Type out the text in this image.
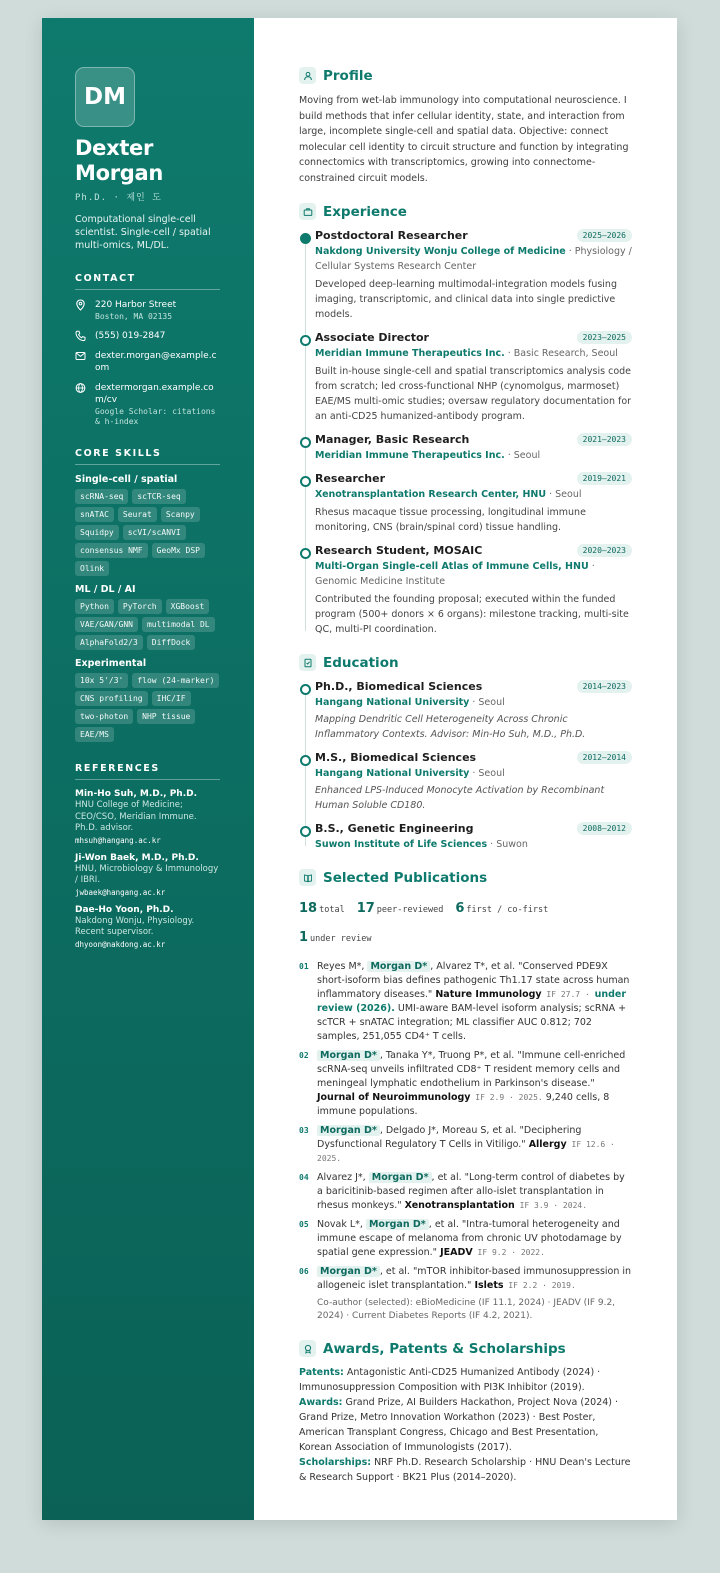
DM
Dexter
Morgan
Ph.D. · 제인 도
Computational single-cell scientist. Single-cell / spatial multi-omics, ML/DL.
CONTACT
220 Harbor Street
Boston, MA 02135
(555) 019-2847
dexter.morgan@example.com
dextermorgan.example.com/cv
Google Scholar: citations & h-index
CORE SKILLS
Single-cell / spatial
scRNA-seq	scTCR-seq
snATAC	Seurat	Scanpy
Squidpy	scVI/scANVI
consensus NMF	GeoMx DSP
Olink
ML / DL / AI
Python	PyTorch	XGBoost
VAE/GAN/GNN	multimodal DL
AlphaFold2/3	DiffDock
Experimental
10x 5'/3'	flow (24-marker)
CNS profiling	IHC/IF
two-photon	NHP tissue
EAE/MS
REFERENCES
Min-Ho Suh, M.D., Ph.D.
HNU College of Medicine; CEO/CSO, Meridian Immune. Ph.D. advisor.
mhsuh@hangang.ac.kr
Ji-Won Baek, M.D., Ph.D.
HNU, Microbiology & Immunology / IBRI.
jwbaek@hangang.ac.kr
Dae-Ho Yoon, Ph.D.
Nakdong Wonju, Physiology. Recent supervisor.
dhyoon@nakdong.ac.kr
Profile
Moving from wet-lab immunology into computational neuroscience. I build methods that infer cellular identity, state, and interaction from large, incomplete single-cell and spatial data. Objective: connect molecular cell identity to circuit structure and function by integrating connectomics with transcriptomics, growing into connectome-constrained circuit models.
Experience
Postdoctoral Researcher	2025–2026
Nakdong University Wonju College of Medicine · Physiology / Cellular Systems Research Center
Developed deep-learning multimodal-integration models fusing imaging, transcriptomic, and clinical data into single predictive models.
Associate Director	2023–2025
Meridian Immune Therapeutics Inc. · Basic Research, Seoul
Built in-house single-cell and spatial transcriptomics analysis code from scratch; led cross-functional NHP (cynomolgus, marmoset) EAE/MS multi-omic studies; oversaw regulatory documentation for an anti-CD25 humanized-antibody program.
Manager, Basic Research	2021–2023
Meridian Immune Therapeutics Inc. · Seoul
Researcher	2019–2021
Xenotransplantation Research Center, HNU · Seoul
Rhesus macaque tissue processing, longitudinal immune monitoring, CNS (brain/spinal cord) tissue handling.
Research Student, MOSAIC	2020–2023
Multi-Organ Single-cell Atlas of Immune Cells, HNU · Genomic Medicine Institute
Contributed the founding proposal; executed within the funded program (500+ donors × 6 organs): milestone tracking, multi-site QC, multi-PI coordination.
Education
Ph.D., Biomedical Sciences	2014–2023
Hangang National University · Seoul
Mapping Dendritic Cell Heterogeneity Across Chronic Inflammatory Contexts. Advisor: Min-Ho Suh, M.D., Ph.D.
M.S., Biomedical Sciences	2012–2014
Hangang National University · Seoul
Enhanced LPS-Induced Monocyte Activation by Recombinant Human Soluble CD180.
B.S., Genetic Engineering	2008–2012
Suwon Institute of Life Sciences · Suwon
Selected Publications
18 total 17 peer-reviewed 6 first / co-first
1 under review
01 Reyes M*, Morgan D* , Alvarez T*, et al. "Conserved PDE9X short-isoform bias defines pathogenic Th1.17 state across human inflammatory diseases." Nature Immunology IF 27.7 · under review (2026). UMI-aware BAM-level isoform analysis; scRNA + scTCR + snATAC integration; ML classifier AUC 0.812; 702 samples, 251,055 CD4⁺ T cells.
02	Morgan D* , Tanaka Y*, Truong P*, et al. "Immune cell-enriched scRNA-seq unveils infiltrated CD8⁺ T resident memory cells and meningeal lymphatic endothelium in Parkinson's disease." Journal of Neuroimmunology IF 2.9 · 2025. 9,240 cells, 8 immune populations.
03	Morgan D* , Delgado J*, Moreau S, et al. "Deciphering Dysfunctional Regulatory T Cells in Vitiligo." Allergy IF 12.6 · 2025.
04 Alvarez J*, Morgan D* , et al. "Long-term control of diabetes by a baricitinib-based regimen after allo-islet transplantation in rhesus monkeys." Xenotransplantation IF 3.9 · 2024.
05 Novak L*, Morgan D* , et al. "Intra-tumoral heterogeneity and immune escape of melanoma from chronic UV photodamage by spatial gene expression." JEADV IF 9.2 · 2022.
06	Morgan D* , et al. "mTOR inhibitor-based immunosuppression in allogeneic islet transplantation." Islets IF 2.2 · 2019.
Co-author (selected): eBioMedicine (IF 11.1, 2024) · JEADV (IF 9.2, 2024) · Current Diabetes Reports (IF 4.2, 2021).
Awards, Patents & Scholarships
Patents: Antagonistic Anti-CD25 Humanized Antibody (2024) · Immunosuppression Composition with PI3K Inhibitor (2019).
Awards: Grand Prize, AI Builders Hackathon, Project Nova (2024) · Grand Prize, Metro Innovation Workathon (2023) · Best Poster, American Transplant Congress, Chicago and Best Presentation, Korean Association of Immunologists (2017).
Scholarships: NRF Ph.D. Research Scholarship · HNU Dean's Lecture & Research Support · BK21 Plus (2014–2020).
